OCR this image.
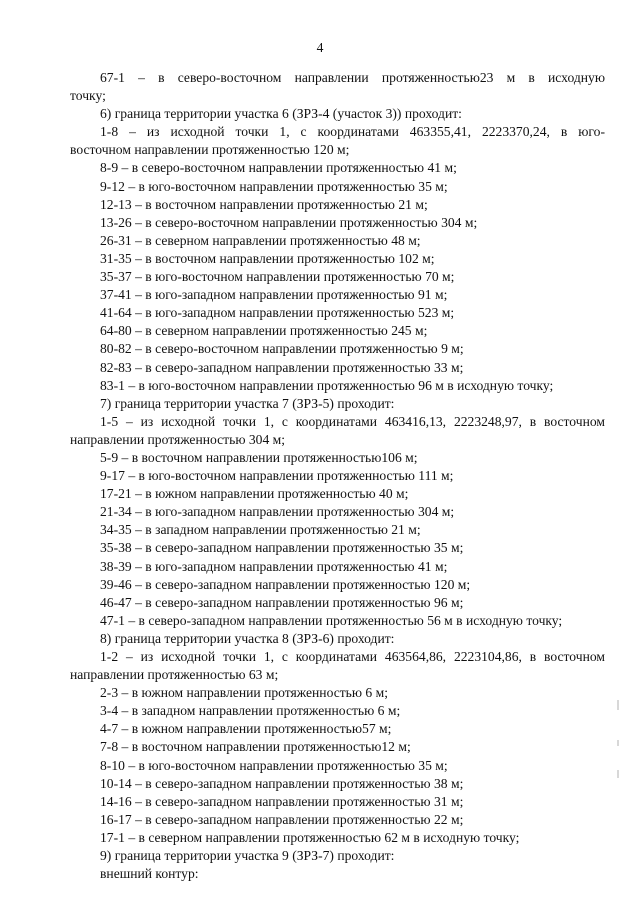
4
67-1 – в северо-восточном направлении протяженностью23 м в исходную
точку;
6) граница территории участка 6 (ЗРЗ-4 (участок 3)) проходит:
1-8 – из исходной точки 1, с координатами 463355,41, 2223370,24, в юго-
восточном направлении протяженностью 120 м;
8-9 – в северо-восточном направлении протяженностью 41 м;
9-12 – в юго-восточном направлении протяженностью 35 м;
12-13 – в восточном направлении протяженностью 21 м;
13-26 – в северо-восточном направлении протяженностью 304 м;
26-31 – в северном направлении протяженностью 48 м;
31-35 – в восточном направлении протяженностью 102 м;
35-37 – в юго-восточном направлении протяженностью 70 м;
37-41 – в юго-западном направлении протяженностью 91 м;
41-64 – в юго-западном направлении протяженностью 523 м;
64-80 – в северном направлении протяженностью 245 м;
80-82 – в северо-восточном направлении протяженностью 9 м;
82-83 – в северо-западном направлении протяженностью 33 м;
83-1 – в юго-восточном направлении протяженностью 96 м в исходную точку;
7) граница территории участка 7 (ЗРЗ-5) проходит:
1-5 – из исходной точки 1, с координатами 463416,13, 2223248,97, в восточном
направлении протяженностью 304 м;
5-9 – в восточном направлении протяженностью106 м;
9-17 – в юго-восточном направлении протяженностью 111 м;
17-21 – в южном направлении протяженностью 40 м;
21-34 – в юго-западном направлении протяженностью 304 м;
34-35 – в западном направлении протяженностью 21 м;
35-38 – в северо-западном направлении протяженностью 35 м;
38-39 – в юго-западном направлении протяженностью 41 м;
39-46 – в северо-западном направлении протяженностью 120 м;
46-47 – в северо-западном направлении протяженностью 96 м;
47-1 – в северо-западном направлении протяженностью 56 м в исходную точку;
8) граница территории участка 8 (ЗРЗ-6) проходит:
1-2 – из исходной точки 1, с координатами 463564,86, 2223104,86, в восточном
направлении протяженностью 63 м;
2-3 – в южном направлении протяженностью 6 м;
3-4 – в западном направлении протяженностью 6 м;
4-7 – в южном направлении протяженностью57 м;
7-8 – в восточном направлении протяженностью12 м;
8-10 – в юго-восточном направлении протяженностью 35 м;
10-14 – в северо-западном направлении протяженностью 38 м;
14-16 – в северо-западном направлении протяженностью 31 м;
16-17 – в северо-западном направлении протяженностью 22 м;
17-1 – в северном направлении протяженностью 62 м в исходную точку;
9) граница территории участка 9 (ЗРЗ-7) проходит:
внешний контур:
